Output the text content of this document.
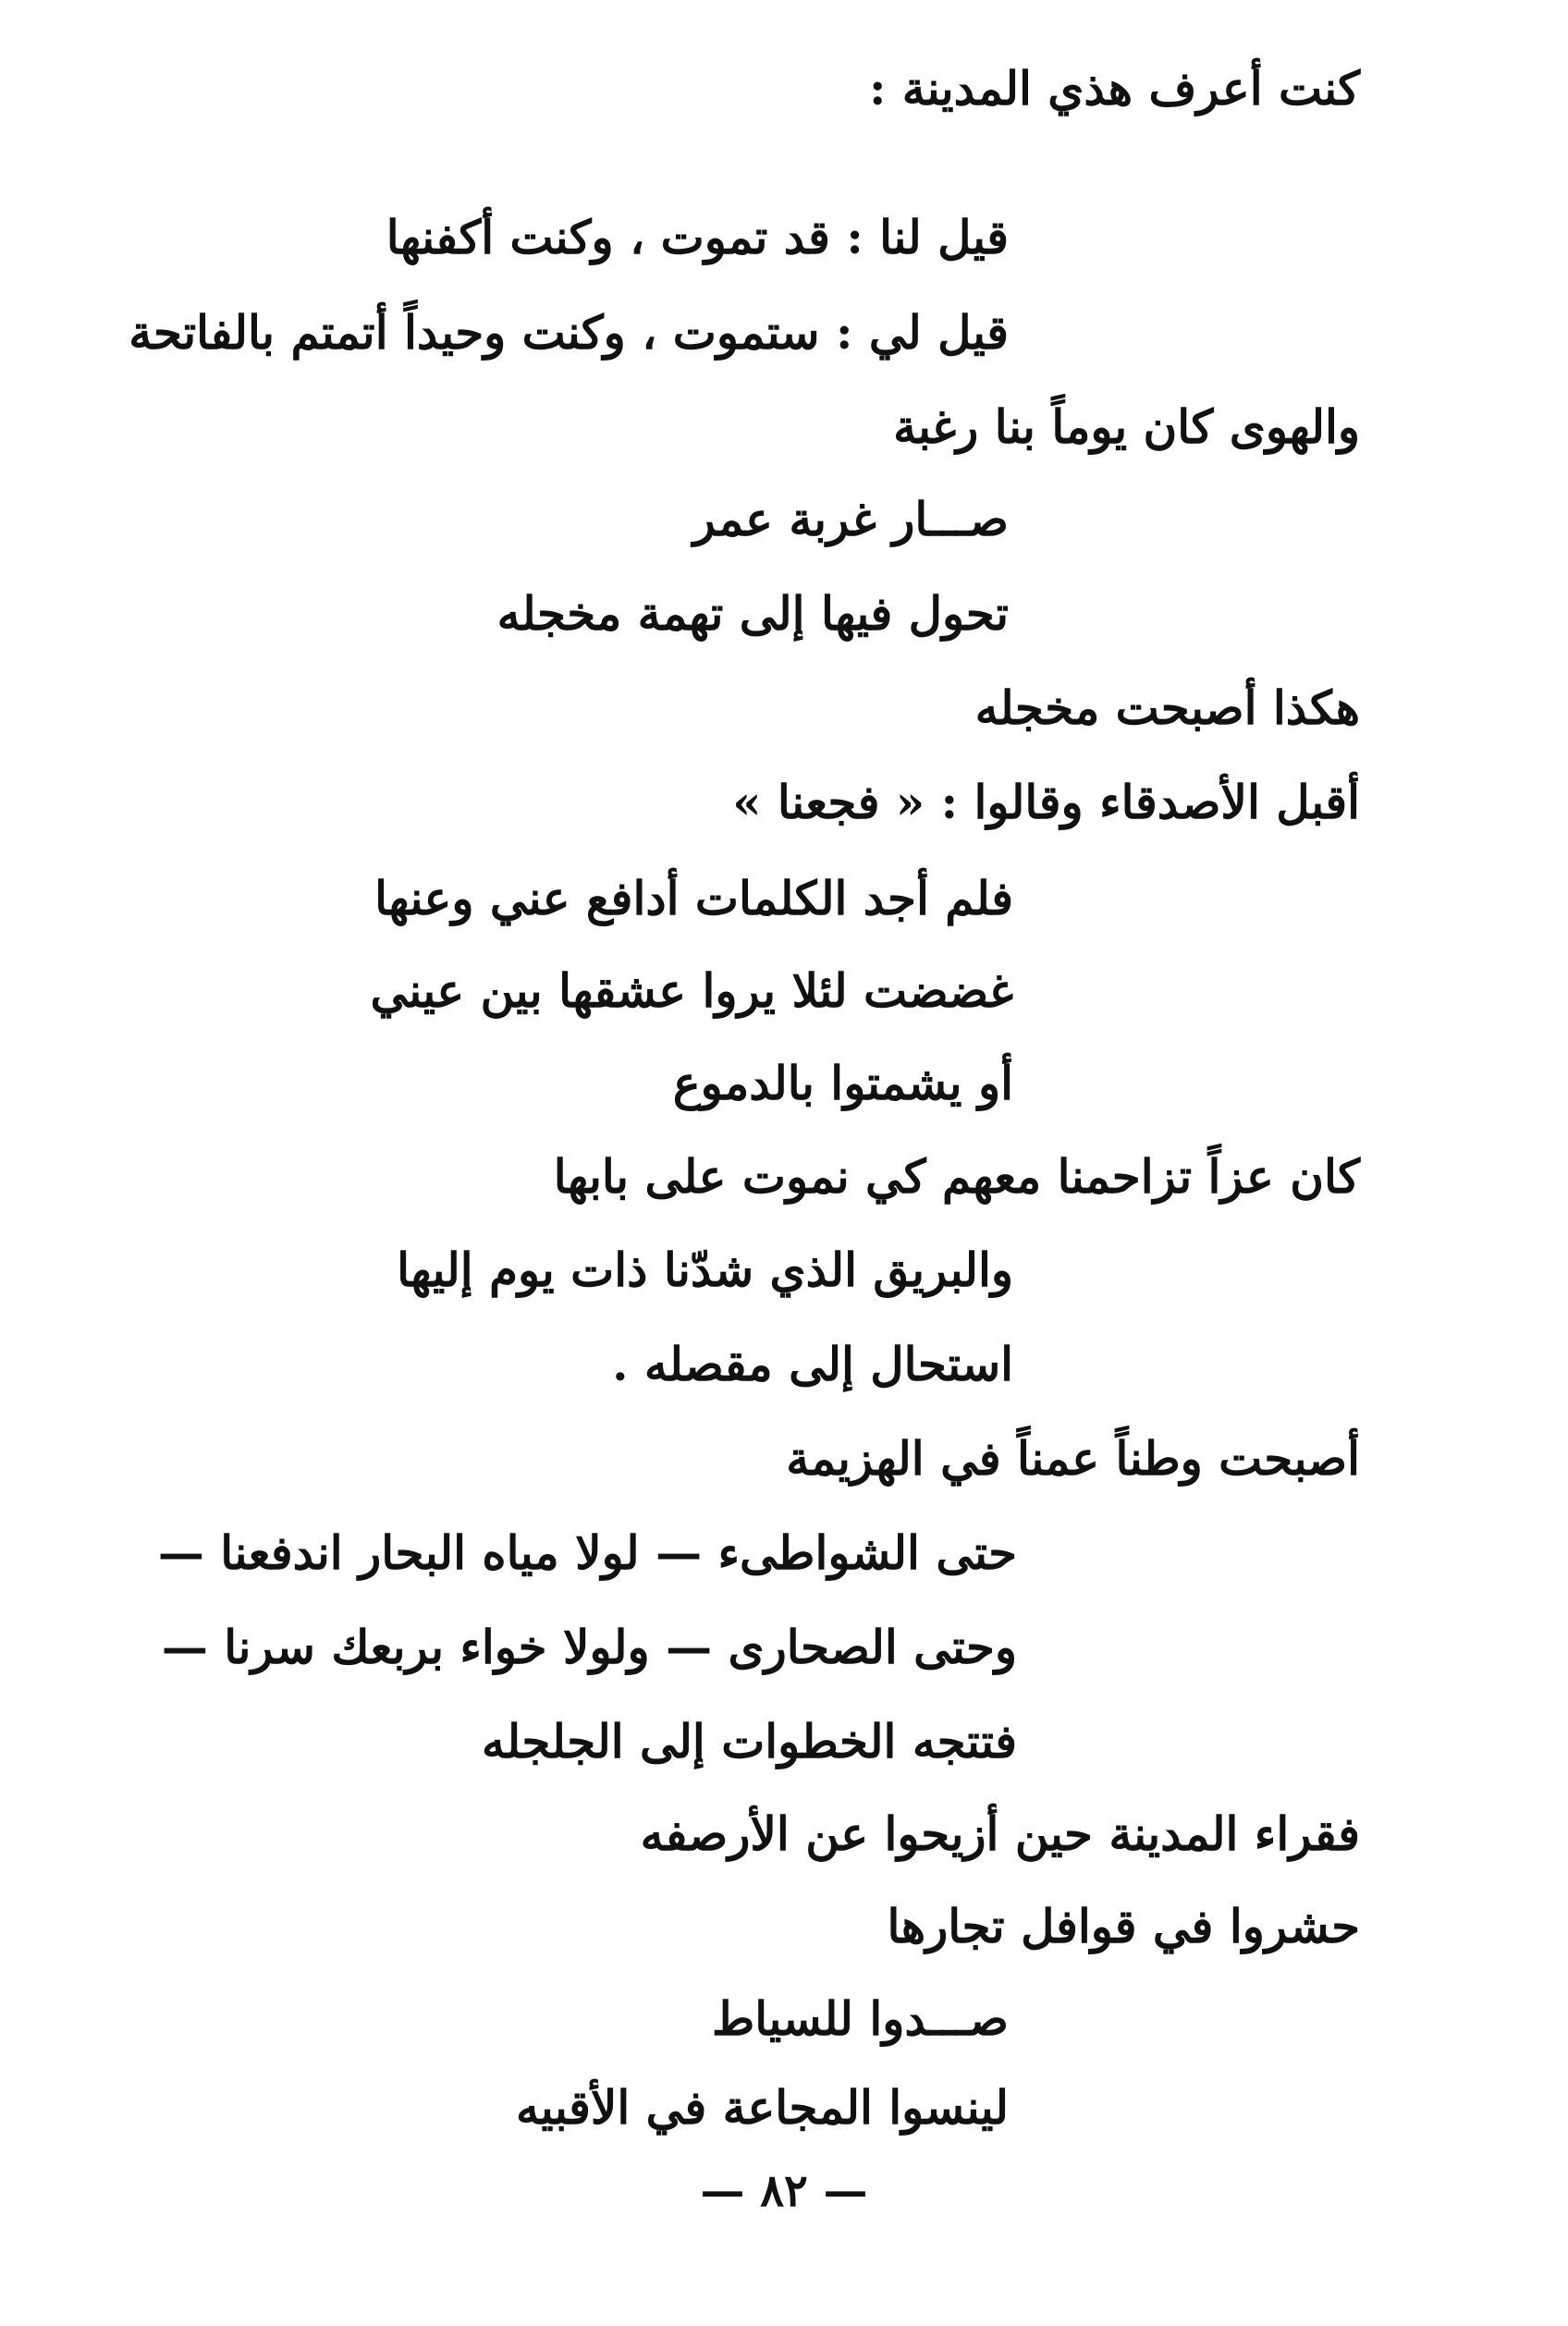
كنت أعرف هذي المدينة :
قيل لنا : قد تموت ، وكنت أكفنها
قيل لي : ستموت ، وكنت وحيداً أتمتم بالفاتحة
والهوى كان يوماً بنا رغبة
صـــار غربة عمر
تحول فيها إلى تهمة مخجله
هكذا أصبحت مخجله
أقبل الأصدقاء وقالوا : « فجعنا »
فلم أجد الكلمات أدافع عني وعنها
غضضت لئلا يروا عشقها بين عيني
أو يشمتوا بالدموع
كان عزاً تزاحمنا معهم كي نموت على بابها
والبريق الذي شدّنا ذات يوم إليها
استحال إلى مقصله .
أصبحت وطناً عمناً في الهزيمة
حتى الشواطىء — لولا مياه البحار اندفعنا —
وحتى الصحارى — ولولا خواء بربعك سرنا —
فتتجه الخطوات إلى الجلجله
فقراء المدينة حين أزيحوا عن الأرصفه
حشروا في قوافل تجارها
صـــدوا للسياط
لينسوا المجاعة في الأقبيه
— ٨٢ —
